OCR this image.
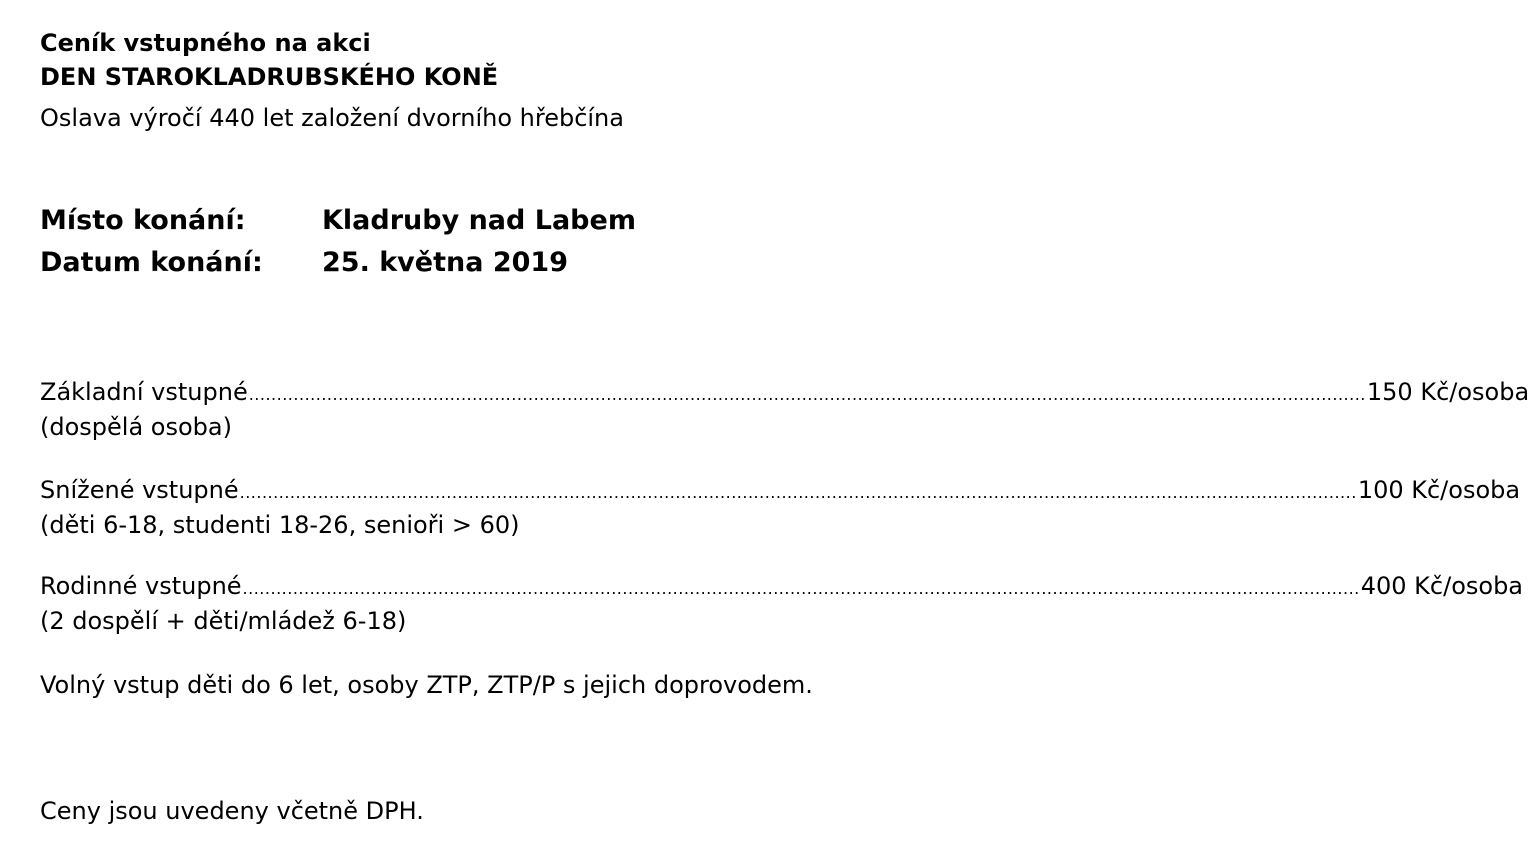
Ceník vstupného na akci
DEN STAROKLADRUBSKÉHO KONĚ
Oslava výročí 440 let založení dvorního hřebčína
Místo konání:	Kladruby nad Labem
Datum konání: 25. května 2019
Základní vstupné ........................................................................................................................................................................................................ 150 Kč/osoba
(dospělá osoba)
Snížené vstupné ........................................................................................................................................................................................................ 100 Kč/osoba
(děti 6-18, studenti 18-26, senioři > 60)
Rodinné vstupné ........................................................................................................................................................................................................ 400 Kč/osoba
(2 dospělí + děti/mládež 6-18)
Volný vstup děti do 6 let, osoby ZTP, ZTP/P s jejich doprovodem.
Ceny jsou uvedeny včetně DPH.
